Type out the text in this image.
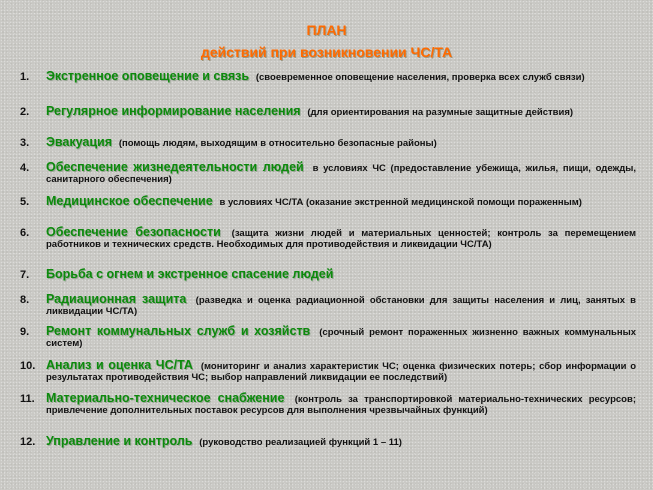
ПЛАН
действий при возникновении ЧС/ТА
1.	Экстренное оповещение и связь (своевременное оповещение населения, проверка всех служб связи)
2.	Регулярное информирование населения (для ориентирования на разумные защитные действия)
3.	Эвакуация (помощь людям, выходящим в относительно безопасные районы)
4.	Обеспечение жизнедеятельности людей в условиях ЧС (предоставление убежища, жилья, пищи, одежды, санитарного обеспечения)
5.	Медицинское обеспечение в условиях ЧС/ТА (оказание экстренной медицинской помощи пораженным)
6.	Обеспечение безопасности (защита жизни людей и материальных ценностей; контроль за перемещением работников и технических средств. Необходимых для противодействия и ликвидации ЧС/ТА)
7.	Борьба с огнем и экстренное спасение людей
8.	Радиационная защита (разведка и оценка радиационной обстановки для защиты населения и лиц, занятых в ликвидации ЧС/ТА)
9.	Ремонт коммунальных служб и хозяйств (срочный ремонт пораженных жизненно важных коммунальных систем)
10. Анализ и оценка ЧС/ТА (мониторинг и анализ характеристик ЧС; оценка физических потерь; сбор информации о результатах противодействия ЧС; выбор направлений ликвидации ее последствий)
11. Материально-техническое снабжение (контроль за транспортировкой материально-технических ресурсов; привлечение дополнительных поставок ресурсов для выполнения чрезвычайных функций)
12. Управление и контроль (руководство реализацией функций 1 – 11)
